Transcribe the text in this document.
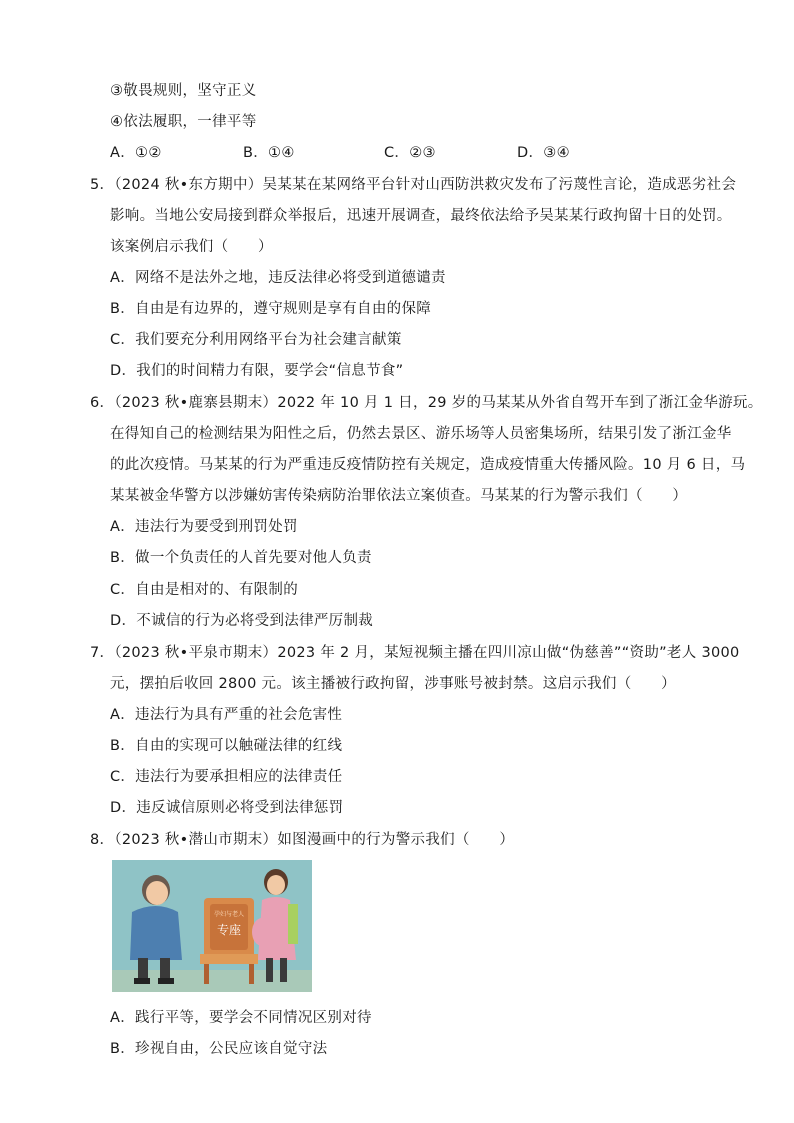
③敬畏规则，坚守正义
④依法履职，一律平等
A．①②	B．①④	C．②③	D．③④
5．（2024 秋•东方期中）吴某某在某网络平台针对山西防洪救灾发布了污蔑性言论，造成恶劣社会
影响。当地公安局接到群众举报后，迅速开展调查，最终依法给予吴某某行政拘留十日的处罚。
该案例启示我们（　　）
A．网络不是法外之地，违反法律必将受到道德谴责
B．自由是有边界的，遵守规则是享有自由的保障
C．我们要充分利用网络平台为社会建言献策
D．我们的时间精力有限，要学会“信息节食”
6．（2023 秋•鹿寨县期末）2022 年 10 月 1 日，29 岁的马某某从外省自驾开车到了浙江金华游玩。
在得知自己的检测结果为阳性之后，仍然去景区、游乐场等人员密集场所，结果引发了浙江金华
的此次疫情。马某某的行为严重违反疫情防控有关规定，造成疫情重大传播风险。10 月 6 日，马
某某被金华警方以涉嫌妨害传染病防治罪依法立案侦查。马某某的行为警示我们（　　）
A．违法行为要受到刑罚处罚
B．做一个负责任的人首先要对他人负责
C．自由是相对的、有限制的
D．不诚信的行为必将受到法律严厉制裁
7．（2023 秋•平泉市期末）2023 年 2 月，某短视频主播在四川凉山做“伪慈善”“资助”老人 3000
元，摆拍后收回 2800 元。该主播被行政拘留，涉事账号被封禁。这启示我们（　　）
A．违法行为具有严重的社会危害性
B．自由的实现可以触碰法律的红线
C．违法行为要承担相应的法律责任
D．违反诚信原则必将受到法律惩罚
8．（2023 秋•潜山市期末）如图漫画中的行为警示我们（　　）
孕妇与老人
专座
A．践行平等，要学会不同情况区别对待
B．珍视自由，公民应该自觉守法
